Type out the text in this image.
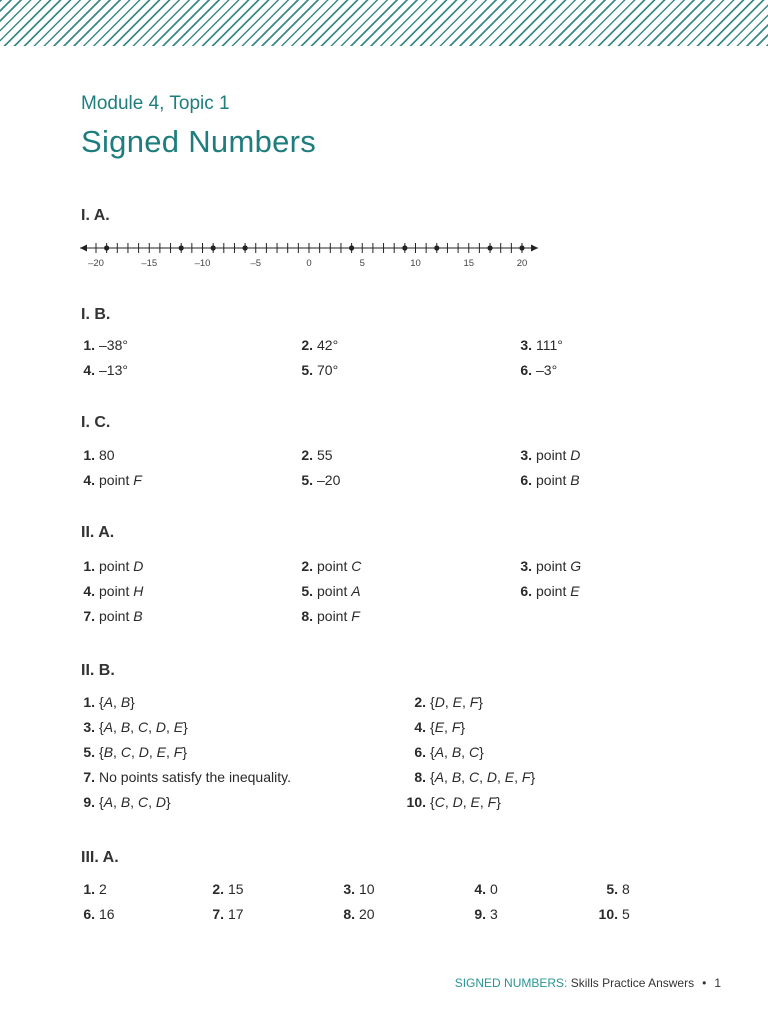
Module 4, Topic 1
Signed Numbers
I. A.
–20	–15	–10	–5	0	5	10	15	20
I. B.
I. C.
II. A.
II. B.
III. A.
1. –38°	2. 42°	3. 111°
4. –13°	5. 70°	6. –3°
1. 80	2. 55	3. point D
4. point F	5. –20	6. point B
1. point D	2. point C	3. point G
4. point H	5. point A	6. point E
7. point B	8. point F
1. {A, B}	2. {D, E, F}
3. {A, B, C, D, E}	4. {E, F}
5. {B, C, D, E, F}	6. {A, B, C}
7. No points satisfy the inequality.	8. {A, B, C, D, E, F}
9. {A, B, C, D}	10. {C, D, E, F}
1. 2	2. 15	3. 10	4. 0	5. 8
6. 16	7. 17	8. 20	9. 3	10. 5
SIGNED NUMBERS: Skills Practice Answers • 1
